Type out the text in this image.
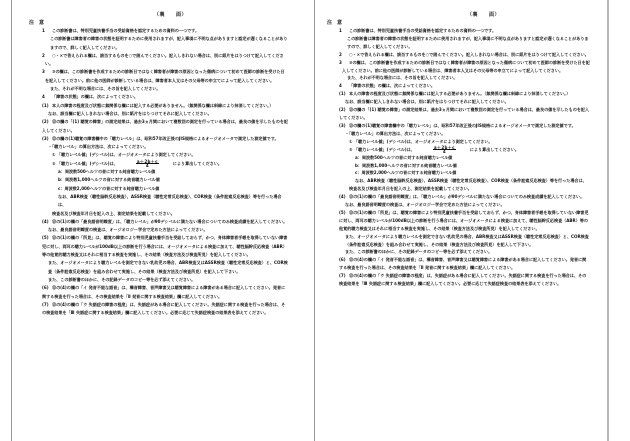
（裏　　面）
注　意

1 この診断書は、特別児童扶養手当の受給資格を認定するための資料の一つです。

この診断書は障害者の障害の状態を証明するために使用されますが、記入事項に不明な点がありますと認定が遅くなることがありますので、詳しく記入してください。

2 ○・×で答えられる欄は、該当するものを○で囲んでください。記入しきれない場合は、別に紙片をはりつけて記入してください。

3 ③の欄は、この診断書を作成するための診断日ではなく障害者が障害の原因となった傷病について初めて医師の診断を受けた日を記入してください。前に他の医師が診断している場合は、障害者本人又はその父母等の申立てによって記入してください。

また、それが不明な場合には、その旨を記入してください。

4 「障害の状態」の欄は、次によってください。

(1) 本人の障害の程度及び状態に無関係な欄には記入する必要がありません。（無関係な欄は斜線により抹消してください。）

なお、該当欄に記入しきれない場合は、別に紙片をはりつけてそれに記入してください。

(2) ⑬の欄の「(1) 聴覚の障害」の測定結果は、過去3ヵ月間において複数回の測定を行っている場合は、最良の値を示したものを記入してください。

(3) ⑬の欄の(1)聴覚の障害欄中の「聴力レベル」は、昭和57年改正後のJIS規格によるオージオメータで測定した測定値です。

・「聴力レベル」の算出方法は、次によってください。

① 「聴力レベル値」(デシベル)は、オージオメータにより測定してください。

② 「聴力レベル値」(デシベル)は、	$\frac{a+2b+c}{4}$	により算出してください。

a：周波数500ヘルツの音に対する純音聴力レベル値

b：周波数1,000ヘルツの音に対する純音聴力レベル値

c：周波数2,000ヘルツの音に対する純音聴力レベル値

なお、ABR検査（聴性脳幹反応検査）、ASSR検査（聴性定常反応検査）、COR検査（条件詮索反応検査）等を行った場合は、

検査名及び検査年月日を記入の上、測定結果を記載してください。

(4) ⑬の(1)の欄の「最良語音明瞭度」は、「聴力レベル」が90デシベルに満たない場合についてのみ検査成績を記入してください。

なお、最良語音明瞭度の検査は、オージオロジー学会で定めた方法によってください。

(5) ⑬の(1)の欄の「所見」は、聴覚の障害により特別児童扶養手当を受給しておらず、かつ、身体障害者手帳を取得していない障害児に対し、両耳の聴力レベルが100dB以上の診断を行う場合には、オージオメータによる検査に加えて、聴性脳幹反応検査（ABR）等の他覚的聴力検査又はそれに相当する検査を実施し、その結果（検査方法及び検査所見）を記入してください。

また、オージオメータにより聴力レベルを測定できない乳幼児の場合、ABR検査又はASSR検査（聴性定常反応検査）と、COR検査（条件詮索反応検査）を組み合わせて実施し、その結果（検査方法及び検査所見）を記入して下さい。

また、この診断書のほかに、その記録データのコピー等を必ず添えてください。

(6) ⑬の(4)の欄の「イ 発音不能な語音」は、構音障害、音声障害又は聴覚障害による障害がある場合に記入してください。発音に関する検査を行った場合は、その検査結果を「Ⅱ 発音に関する検査結果」欄に記入してください。

(7) ⑬の(4)の欄の「ウ 失語症の障害の程度」は、失語症がある場合に記入してください。失語症に関する検査を行った場合は、その検査結果を「Ⅲ 失語症に関する検査結果」欄に記入してください。必要に応じて失語症検査の結果表を添えてください。

（裏　　面）
注　意

1 この診断書は、特別児童扶養手当の受給資格を認定するための資料の一つです。

この診断書は障害者の障害の状態を証明するために使用されますが、記入事項に不明な点がありますと認定が遅くなることがありますので、詳しく記入してください。

2 ○・×で答えられる欄は、該当するものを○で囲んでください。記入しきれない場合は、別に紙片をはりつけて記入してください。

3 ③の欄は、この診断書を作成するための診断日ではなく障害者が障害の原因となった傷病について初めて医師の診断を受けた日を記入してください。前に他の医師が診断している場合は、障害者本人又はその父母等の申立てによって記入してください。

また、それが不明な場合には、その旨を記入してください。

4 「障害の状態」の欄は、次によってください。

(1) 本人の障害の程度及び状態に無関係な欄には記入する必要がありません。（無関係な欄は斜線により抹消してください。）

なお、該当欄に記入しきれない場合は、別に紙片をはりつけてそれに記入してください。

(2) ⑬の欄の「(1) 聴覚の障害」の測定結果は、過去3ヵ月間において複数回の測定を行っている場合は、最良の値を示したものを記入してください。

(3) ⑬の欄の(1)聴覚の障害欄中の「聴力レベル」は、昭和57年改正後のJIS規格によるオージオメータで測定した測定値です。

・「聴力レベル」の算出方法は、次によってください。

① 「聴力レベル値」(デシベル)は、オージオメータにより測定してください。

② 「聴力レベル値」(デシベル)は、	$\frac{a+2b+c}{4}$	により算出してください。

a：周波数500ヘルツの音に対する純音聴力レベル値

b：周波数1,000ヘルツの音に対する純音聴力レベル値

c：周波数2,000ヘルツの音に対する純音聴力レベル値

なお、ABR検査（聴性脳幹反応検査）、ASSR検査（聴性定常反応検査）、COR検査（条件詮索反応検査）等を行った場合は、

検査名及び検査年月日を記入の上、測定結果を記載してください。

(4) ⑬の(1)の欄の「最良語音明瞭度」は、「聴力レベル」が90デシベルに満たない場合についてのみ検査成績を記入してください。

なお、最良語音明瞭度の検査は、オージオロジー学会で定めた方法によってください。

(5) ⑬の(1)の欄の「所見」は、聴覚の障害により特別児童扶養手当を受給しておらず、かつ、身体障害者手帳を取得していない障害児に対し、両耳の聴力レベルが100dB以上の診断を行う場合には、オージオメータによる検査に加えて、聴性脳幹反応検査（ABR）等の他覚的聴力検査又はそれに相当する検査を実施し、その結果（検査方法及び検査所見）を記入してください。

また、オージオメータにより聴力レベルを測定できない乳幼児の場合、ABR検査又はASSR検査（聴性定常反応検査）と、COR検査（条件詮索反応検査）を組み合わせて実施し、その結果（検査方法及び検査所見）を記入して下さい。

また、この診断書のほかに、その記録データのコピー等を必ず添えてください。

(6) ⑬の(4)の欄の「イ 発音不能な語音」は、構音障害、音声障害又は聴覚障害による障害がある場合に記入してください。発音に関する検査を行った場合は、その検査結果を「Ⅱ 発音に関する検査結果」欄に記入してください。

(7) ⑬の(4)の欄の「ウ 失語症の障害の程度」は、失語症がある場合に記入してください。失語症に関する検査を行った場合は、その検査結果を「Ⅲ 失語症に関する検査結果」欄に記入してください。必要に応じて失語症検査の結果表を添えてください。
